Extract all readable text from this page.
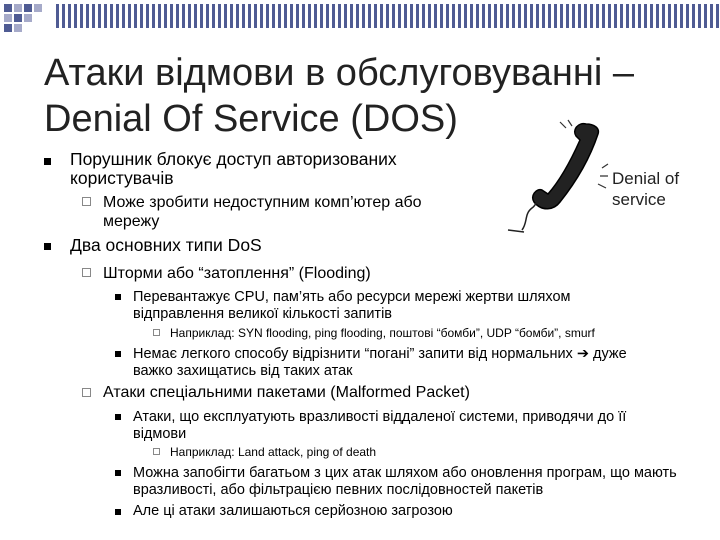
Атаки відмови в обслуговуванні – Denial Of Service (DOS)
Denial of
service
Порушник блокує доступ авторизованих користувачів
Може зробити недоступним комп’ютер або мережу
Два основних типи DoS
Шторми або “затоплення” (Flooding)
Перевантажує CPU, пам’ять або ресурси мережі жертви шляхом відправлення великої кількості запитів
Наприклад: SYN flooding, ping flooding, поштові “бомби”, UDP “бомби”, smurf
Немає легкого способу відрізнити “погані” запити від нормальних ➔ дуже важко захищатись від таких атак
Атаки спеціальними пакетами (Malformed Packet)
Атаки, що експлуатують вразливості віддаленої системи, приводячи до її відмови
Наприклад: Land attack, ping of death
Можна запобігти багатьом з цих атак шляхом або оновлення програм, що мають вразливості, або фільтрацією певних послідовностей пакетів
Але ці атаки залишаються серйозною загрозою
